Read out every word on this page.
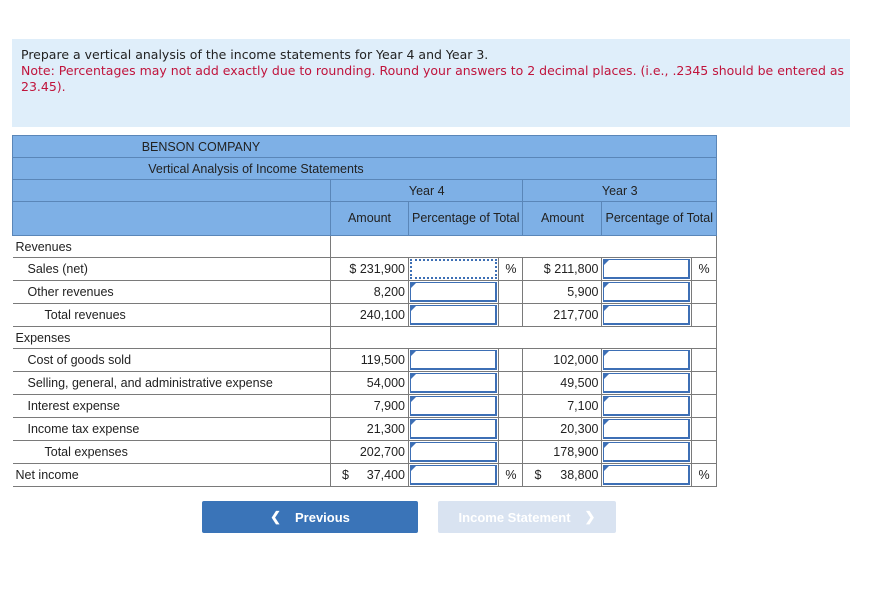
Prepare a vertical analysis of the income statements for Year 4 and Year 3.
Note: Percentages may not add exactly due to rounding. Round your answers to 2 decimal places. (i.e., .2345 should be entered as 23.45).
BENSON COMPANY						
Vertical Analysis of Income Statements						
	Year 4			Year 3		
	Amount	Percentage of Total		Amount	Percentage of Total	
Revenues						
Sales (net)	$ 231,900		%	$ 211,800		%
Other revenues	8,200			5,900	

Total revenues	240,100			217,700	

Expenses						
Cost of goods sold	119,500			102,000	

Selling, general, and administrative expense	54,000			49,500	

Interest expense	7,900			7,100	

Income tax expense	21,300			20,300	

Total expenses	202,700			178,900	

Net income	$ 37,400		%	$ 38,800		%
❮ Previous	Income Statement ❯
